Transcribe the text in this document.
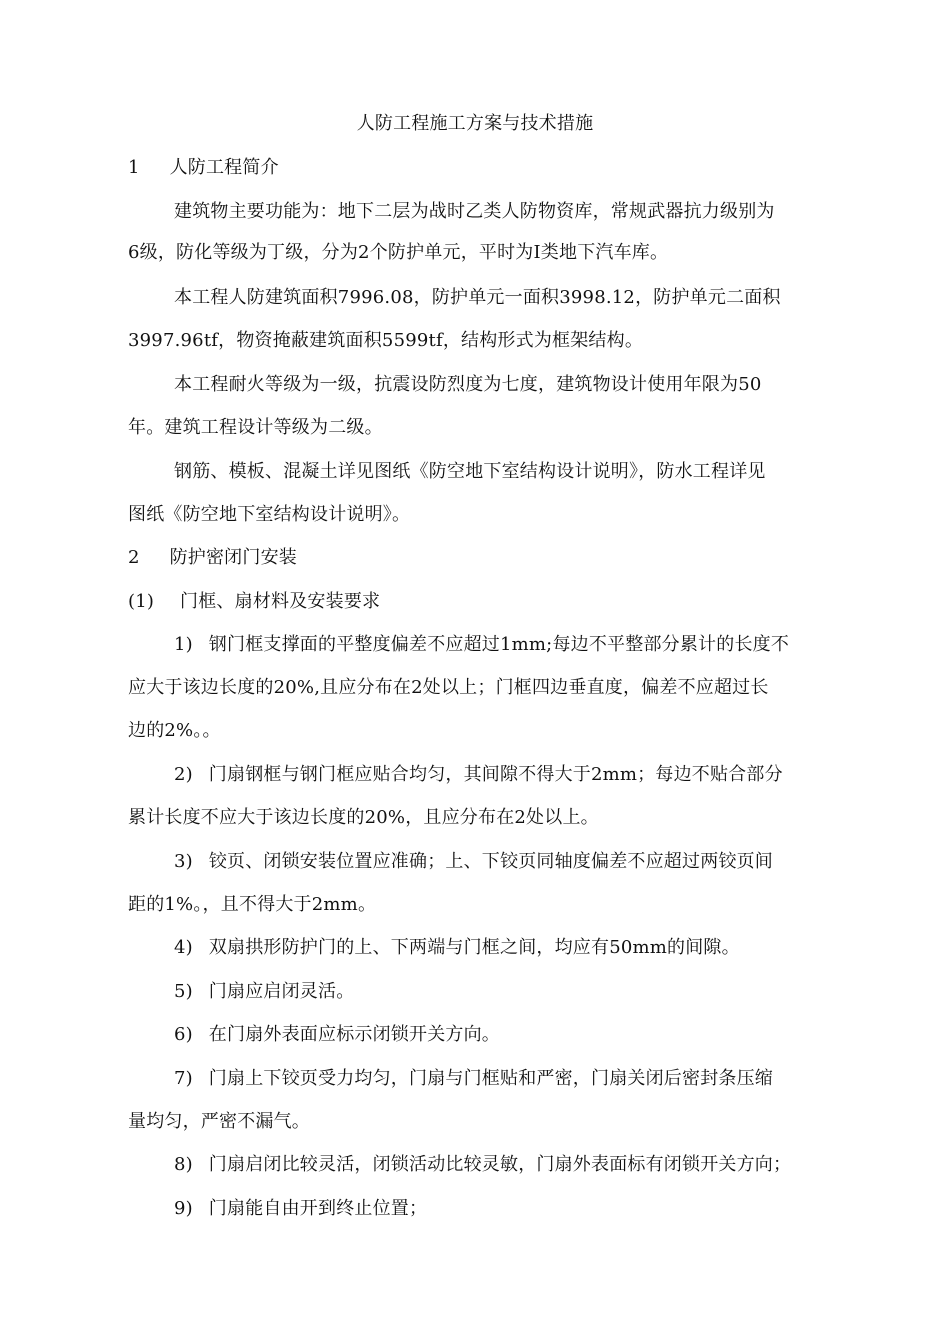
人防工程施工方案与技术措施
1 人防工程简介
建筑物主要功能为：地下二层为战时乙类人防物资库，常规武器抗力级别为
6级，防化等级为丁级，分为2个防护单元，平时为Ⅰ类地下汽车库。
本工程人防建筑面积7996.08，防护单元一面积3998.12，防护单元二面积
3997.96tf，物资掩蔽建筑面积5599tf，结构形式为框架结构。
本工程耐火等级为一级，抗震设防烈度为七度，建筑物设计使用年限为50
年。建筑工程设计等级为二级。
钢筋、模板、混凝土详见图纸《防空地下室结构设计说明》，防水工程详见
图纸《防空地下室结构设计说明》。
2 防护密闭门安装
(1) 门框、扇材料及安装要求
1) 钢门框支撑面的平整度偏差不应超过1mm;每边不平整部分累计的长度不
应大于该边长度的20%,且应分布在2处以上；门框四边垂直度，偏差不应超过长
边的2%。。
2) 门扇钢框与钢门框应贴合均匀，其间隙不得大于2mm；每边不贴合部分
累计长度不应大于该边长度的20%，且应分布在2处以上。
3) 铰页、闭锁安装位置应准确；上、下铰页同轴度偏差不应超过两铰页间
距的1%。，且不得大于2mm。
4) 双扇拱形防护门的上、下两端与门框之间，均应有50mm的间隙。
5) 门扇应启闭灵活。
6) 在门扇外表面应标示闭锁开关方向。
7) 门扇上下铰页受力均匀，门扇与门框贴和严密，门扇关闭后密封条压缩
量均匀，严密不漏气。
8) 门扇启闭比较灵活，闭锁活动比较灵敏，门扇外表面标有闭锁开关方向；
9) 门扇能自由开到终止位置；
